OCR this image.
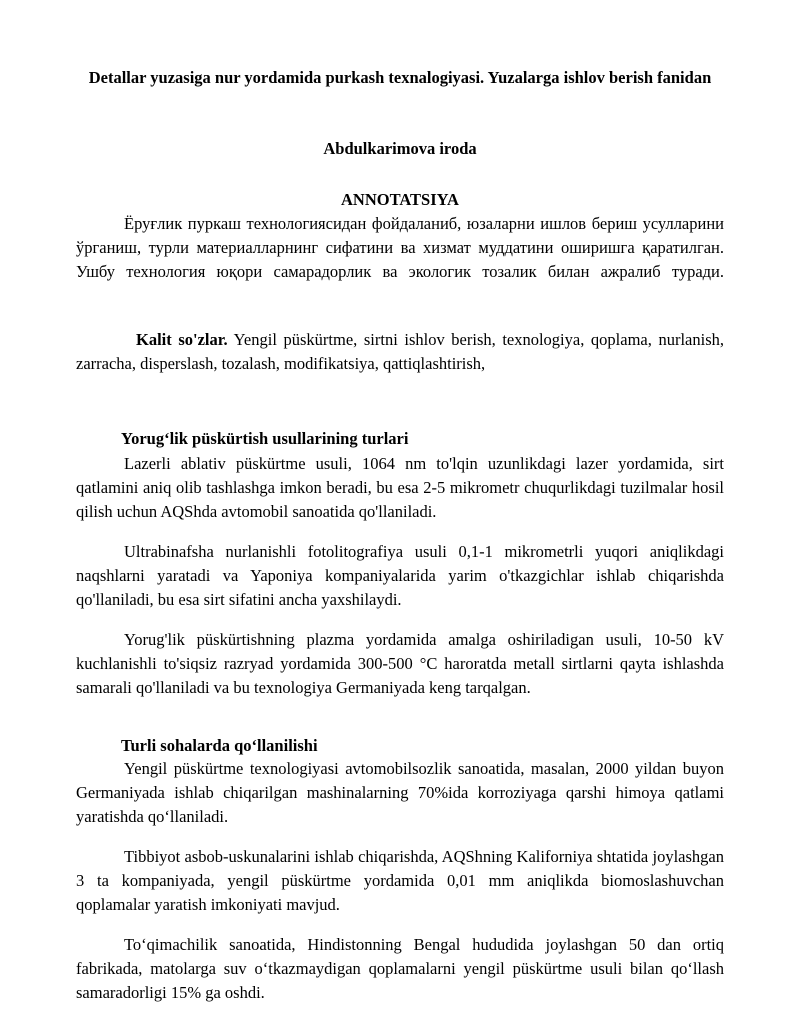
Detallar yuzasiga nur yordamida purkash texnalogiyasi. Yuzalarga ishlov berish fanidan

Abdulkarimova iroda
ANNOTATSIYA

Ёруғлик пуркаш технологиясидан фойдаланиб, юзаларни ишлов бериш усулларини ўрганиш, турли материалларнинг сифатини ва хизмат муддатини оширишга қаратилган. Ушбу технология юқори самарадорлик ва экологик тозалик билан ажралиб туради.

Kalit so'zlar. Yengil püskürtme, sirtni ishlov berish, texnologiya, qoplama, nurlanish, zarracha, disperslash, tozalash, modifikatsiya, qattiqlashtirish,

Yorug‘lik püskürtish usullarining turlari

Lazerli ablativ püskürtme usuli, 1064 nm to'lqin uzunlikdagi lazer yordamida, sirt qatlamini aniq olib tashlashga imkon beradi, bu esa 2-5 mikrometr chuqurlikdagi tuzilmalar hosil qilish uchun AQShda avtomobil sanoatida qo'llaniladi.

Ultrabinafsha nurlanishli fotolitografiya usuli 0,1-1 mikrometrli yuqori aniqlikdagi naqshlarni yaratadi va Yaponiya kompaniyalarida yarim o'tkazgichlar ishlab chiqarishda qo'llaniladi, bu esa sirt sifatini ancha yaxshilaydi.

Yorug'lik püskürtishning plazma yordamida amalga oshiriladigan usuli, 10-50 kV kuchlanishli to'siqsiz razryad yordamida 300-500 °C haroratda metall sirtlarni qayta ishlashda samarali qo'llaniladi va bu texnologiya Germaniyada keng tarqalgan.

Turli sohalarda qo‘llanilishi

Yengil püskürtme texnologiyasi avtomobilsozlik sanoatida, masalan, 2000 yildan buyon Germaniyada ishlab chiqarilgan mashinalarning 70%ida korroziyaga qarshi himoya qatlami yaratishda qo‘llaniladi.

Tibbiyot asbob-uskunalarini ishlab chiqarishda, AQShning Kaliforniya shtatida joylashgan 3 ta kompaniyada, yengil püskürtme yordamida 0,01 mm aniqlikda biomoslashuvchan qoplamalar yaratish imkoniyati mavjud.

To‘qimachilik sanoatida, Hindistonning Bengal hududida joylashgan 50 dan ortiq fabrikada, matolarga suv o‘tkazmaydigan qoplamalarni yengil püskürtme usuli bilan qo‘llash samaradorligi 15% ga oshdi.
